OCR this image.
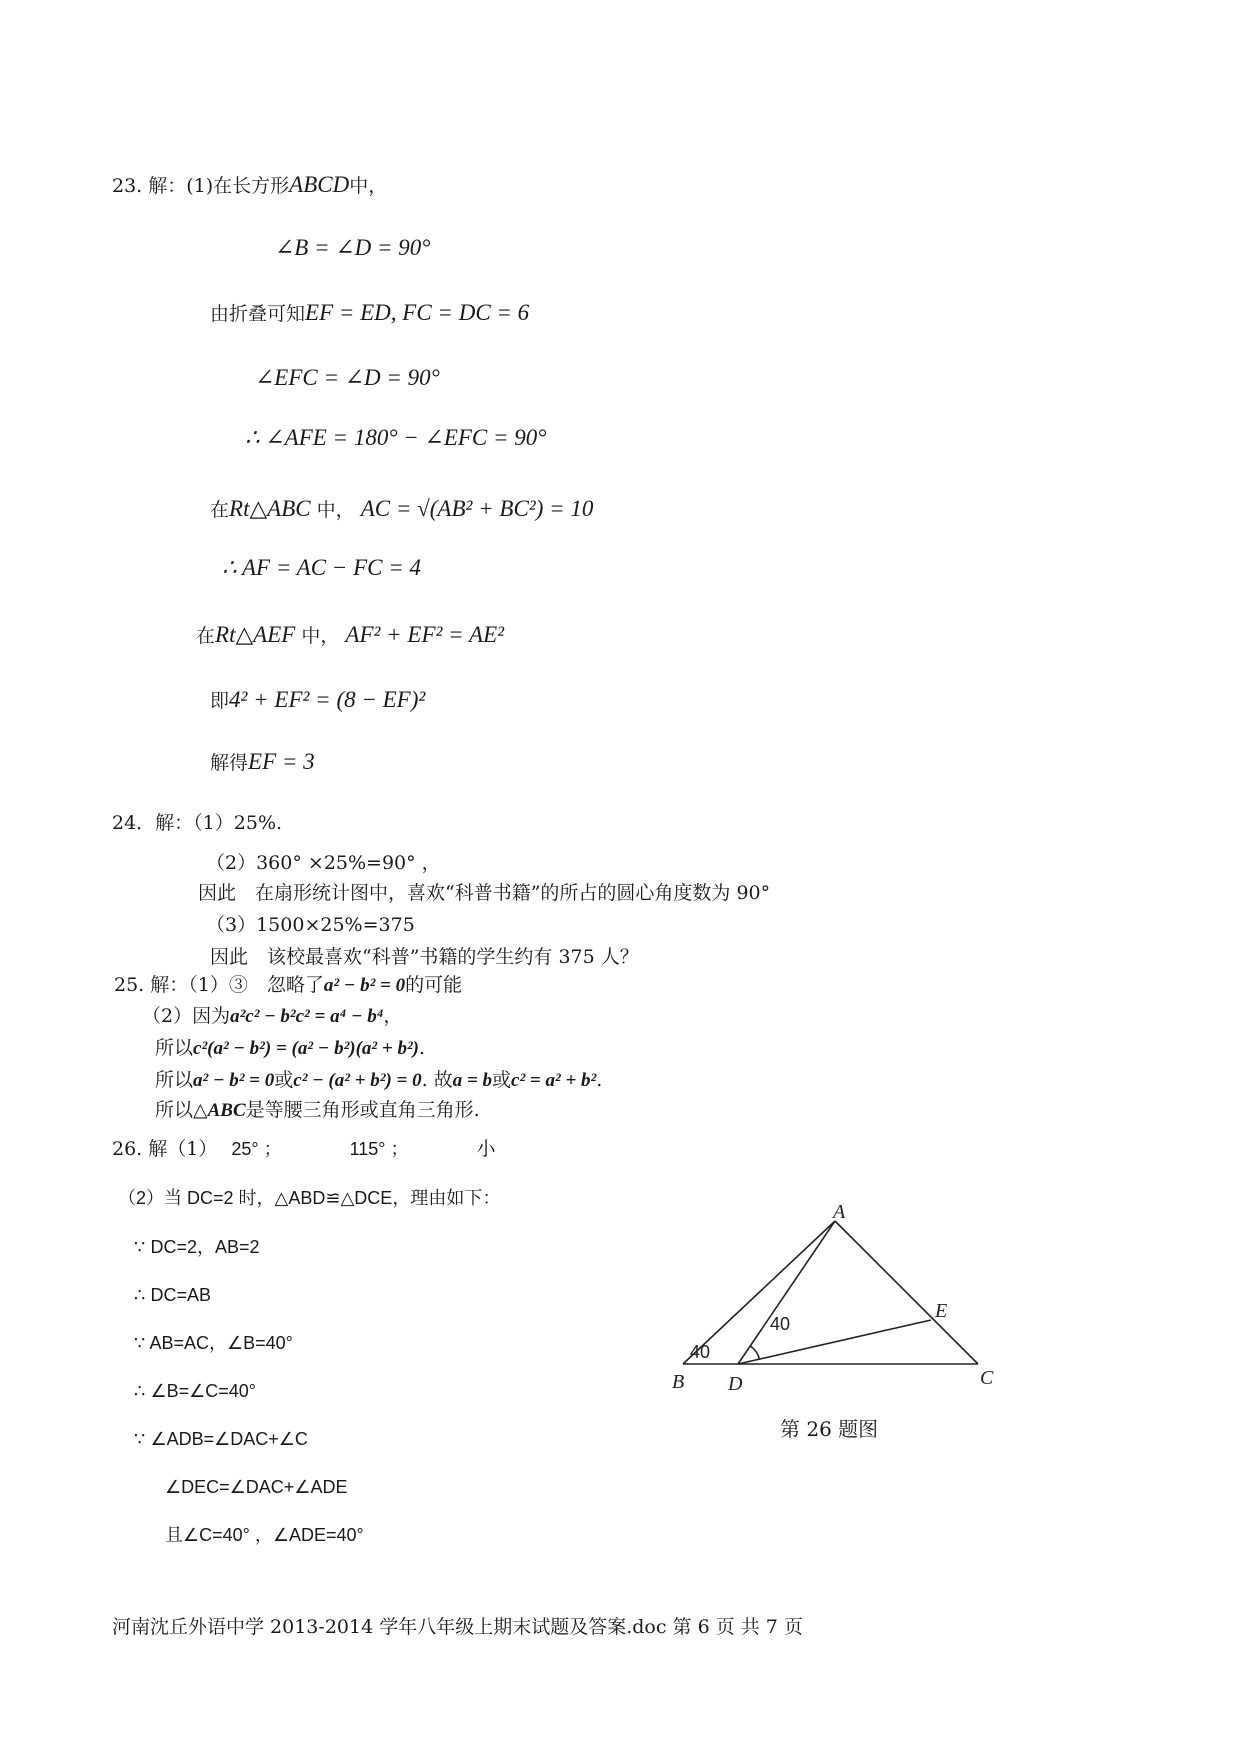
23. 解：(1)在长方形ABCD中，
∠B = ∠D = 90°
由折叠可知EF = ED, FC = DC = 6
∠EFC = ∠D = 90°
∴ ∠AFE = 180° − ∠EFC = 90°
在Rt△ABC 中， AC = √(AB² + BC²) = 10
∴ AF = AC − FC = 4
在Rt△AEF 中， AF² + EF² = AE²
即4² + EF² = (8 − EF)²
解得EF = 3
24．解：（1）25%.
（2）360° ×25%=90° ，
因此　在扇形统计图中，喜欢“科普书籍”的所占的圆心角度数为 90°
（3）1500×25%=375
因此　该校最喜欢“科普”书籍的学生约有 375 人？
25. 解：（1）③　忽略了a² − b² = 0的可能
（2）因为a²c² − b²c² = a⁴ − b⁴，
所以c²(a² − b²) = (a² − b²)(a² + b²).
所以a² − b² = 0或c² − (a² + b²) = 0. 故a = b或c² = a² + b².
所以△ABC是等腰三角形或直角三角形.
26. 解（1） 25° ；	115° ；	小
（2）当 DC=2 时，△ABD≌△DCE，理由如下：
∵ DC=2，AB=2
∴ DC=AB
∵ AB=AC，∠B=40°
∴ ∠B=∠C=40°
∵ ∠ADB=∠DAC+∠C
∠DEC=∠DAC+∠ADE
且∠C=40° ，∠ADE=40°
A
B D	C
E
40
40
第 26 题图
河南沈丘外语中学 2013-2014 学年八年级上期末试题及答案.doc 第 6 页 共 7 页
